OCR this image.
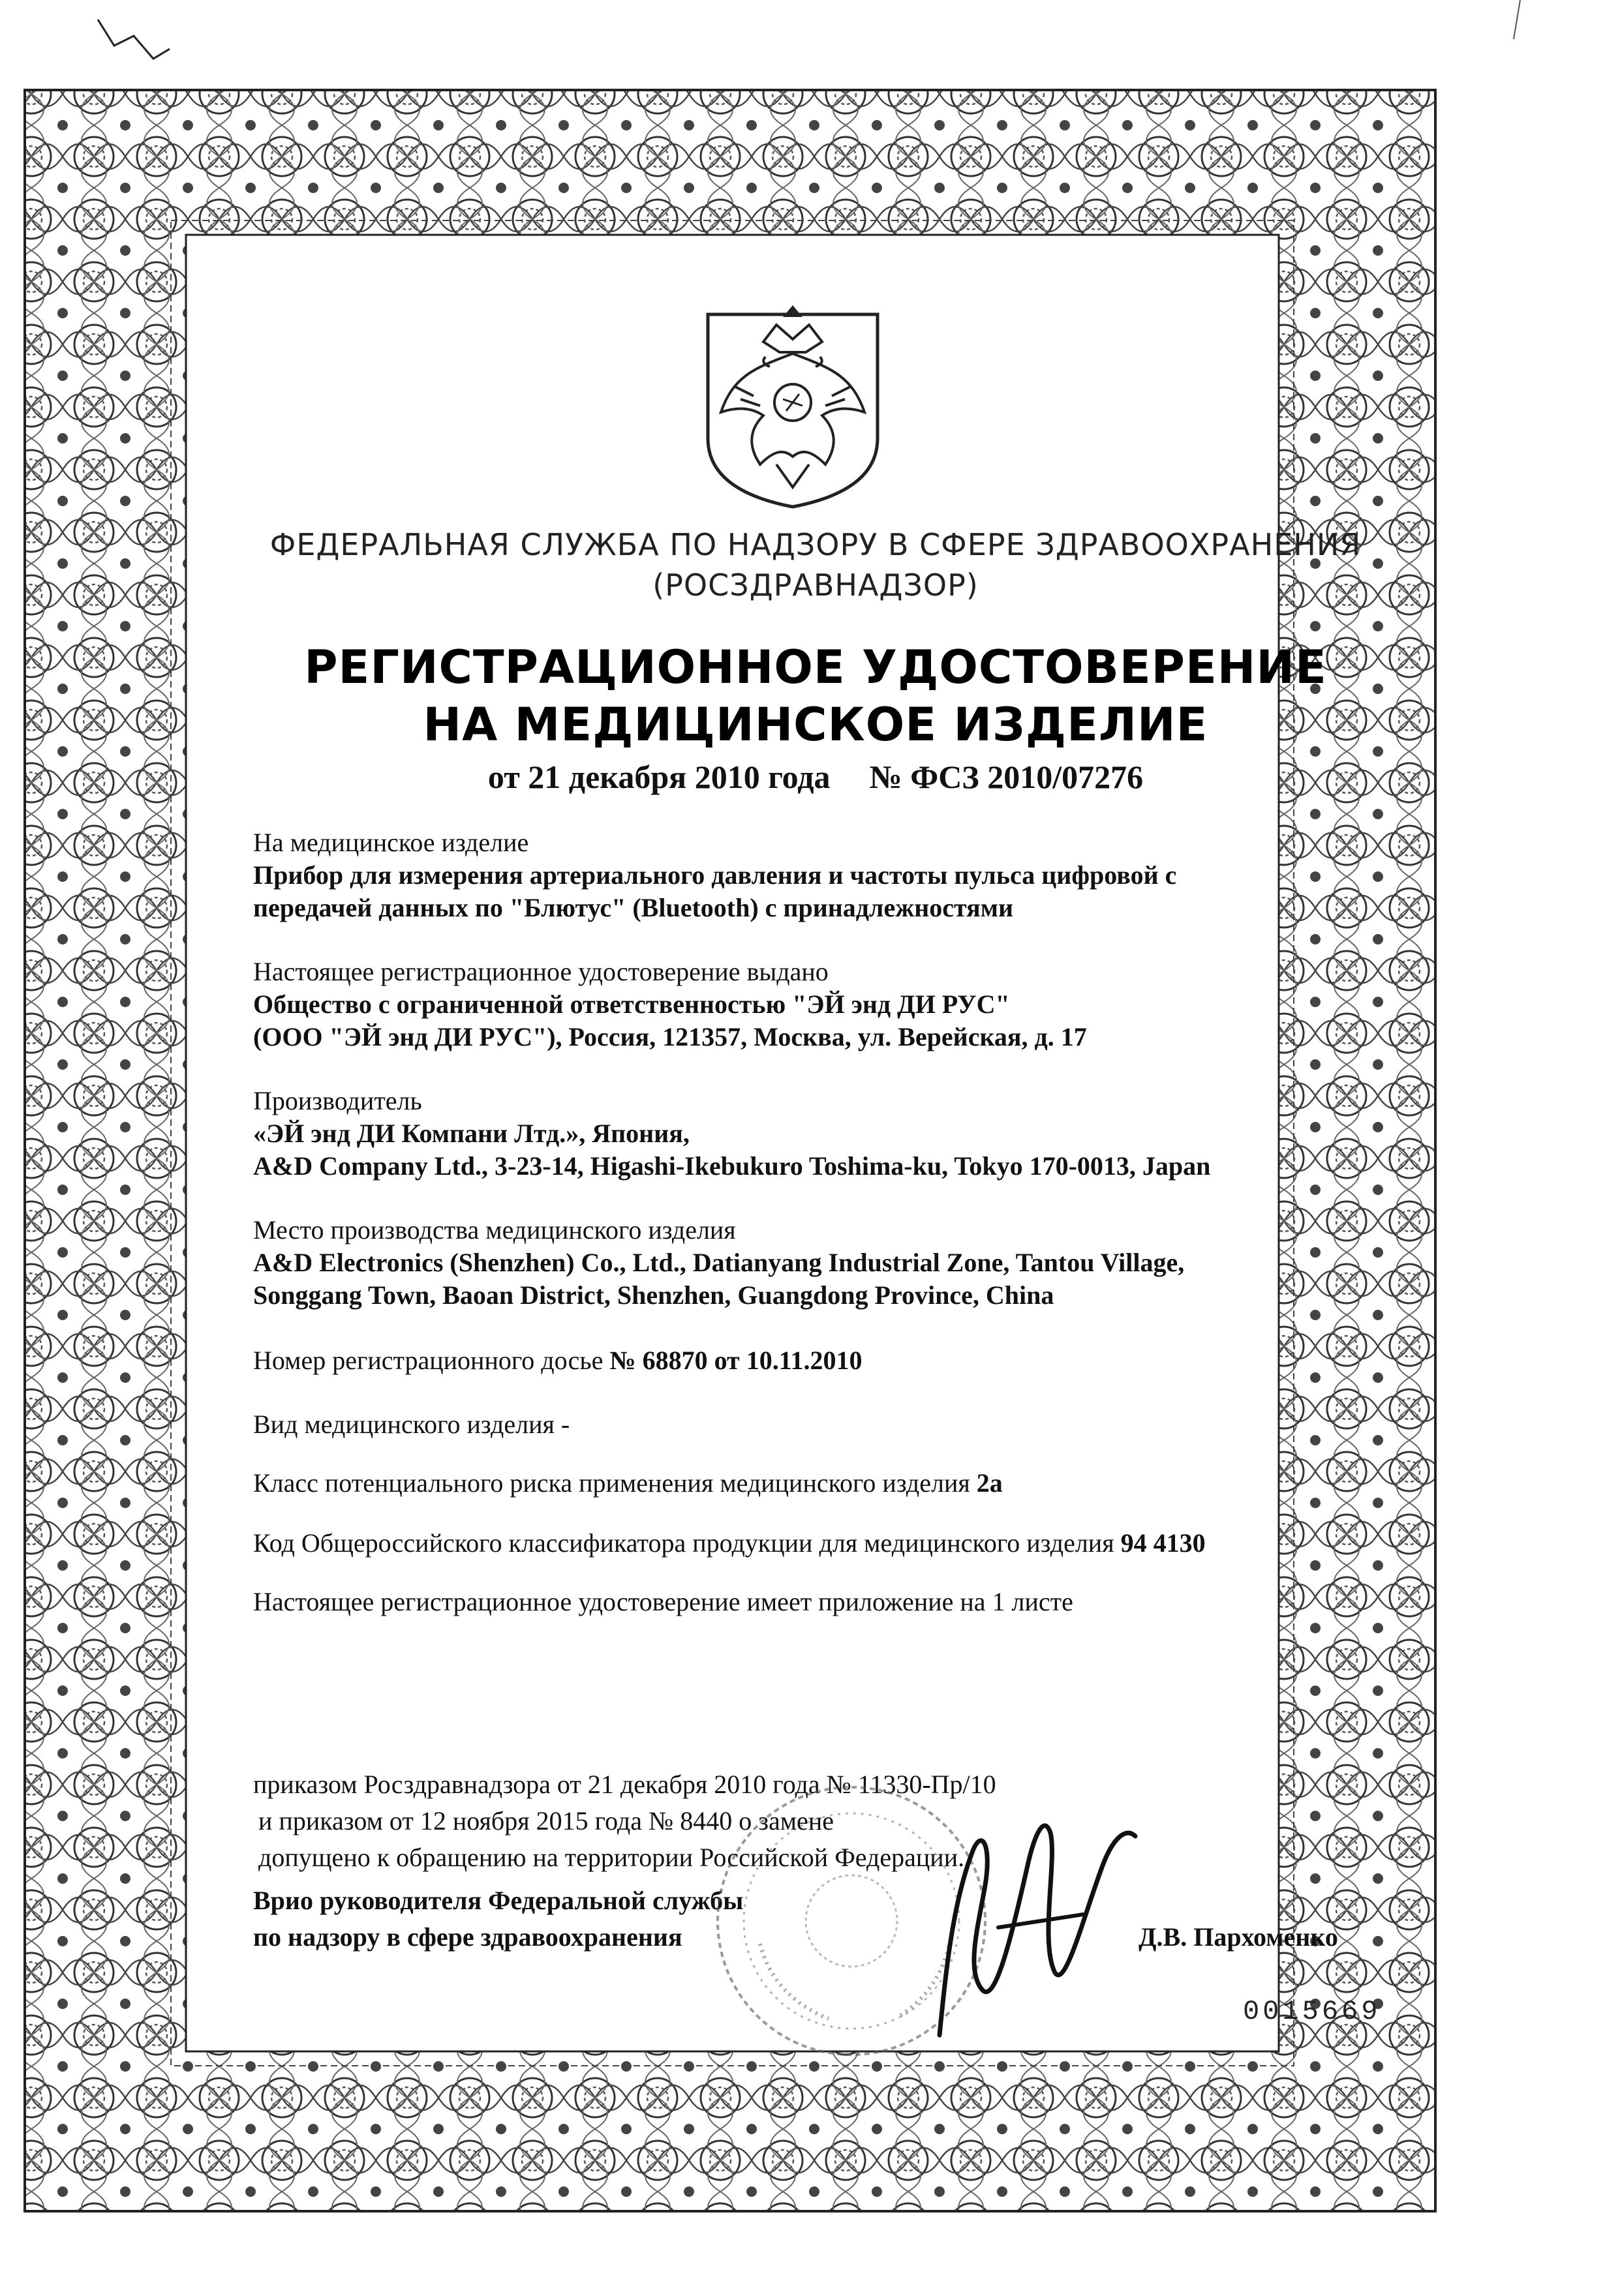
ФЕДЕРАЛЬНАЯ СЛУЖБА ПО НАДЗОРУ В СФЕРЕ ЗДРАВООХРАНЕНИЯ
(РОСЗДРАВНАДЗОР)
РЕГИСТРАЦИОННОЕ УДОСТОВЕРЕНИЕ
НА МЕДИЦИНСКОЕ ИЗДЕЛИЕ
от 21 декабря 2010 года № ФСЗ 2010/07276
На медицинское изделие
Прибор для измерения артериального давления и частоты пульса цифровой с
передачей данных по "Блютус" (Bluetooth) с принадлежностями
Настоящее регистрационное удостоверение выдано
Общество с ограниченной ответственностью "ЭЙ энд ДИ РУС"
(ООО "ЭЙ энд ДИ РУС"), Россия, 121357, Москва, ул. Верейская, д. 17
Производитель
«ЭЙ энд ДИ Компани Лтд.», Япония,
A&D Company Ltd., 3-23-14, Higashi-Ikebukuro Toshima-ku, Tokyo 170-0013, Japan
Место производства медицинского изделия
A&D Electronics (Shenzhen) Co., Ltd., Datianyang Industrial Zone, Tantou Village,
Songgang Town, Baoan District, Shenzhen, Guangdong Province, China
Номер регистрационного досье № 68870 от 10.11.2010
Вид медицинского изделия -
Класс потенциального риска применения медицинского изделия 2а
Код Общероссийского классификатора продукции для медицинского изделия 94 4130
Настоящее регистрационное удостоверение имеет приложение на 1 листе
приказом Росздравнадзора от 21 декабря 2010 года № 11330-Пр/10
и приказом от 12 ноября 2015 года № 8440 о замене
допущено к обращению на территории Российской Федерации.
Врио руководителя Федеральной службы
по надзору в сфере здравоохранения	Д.В. Пархоменко
0015669
